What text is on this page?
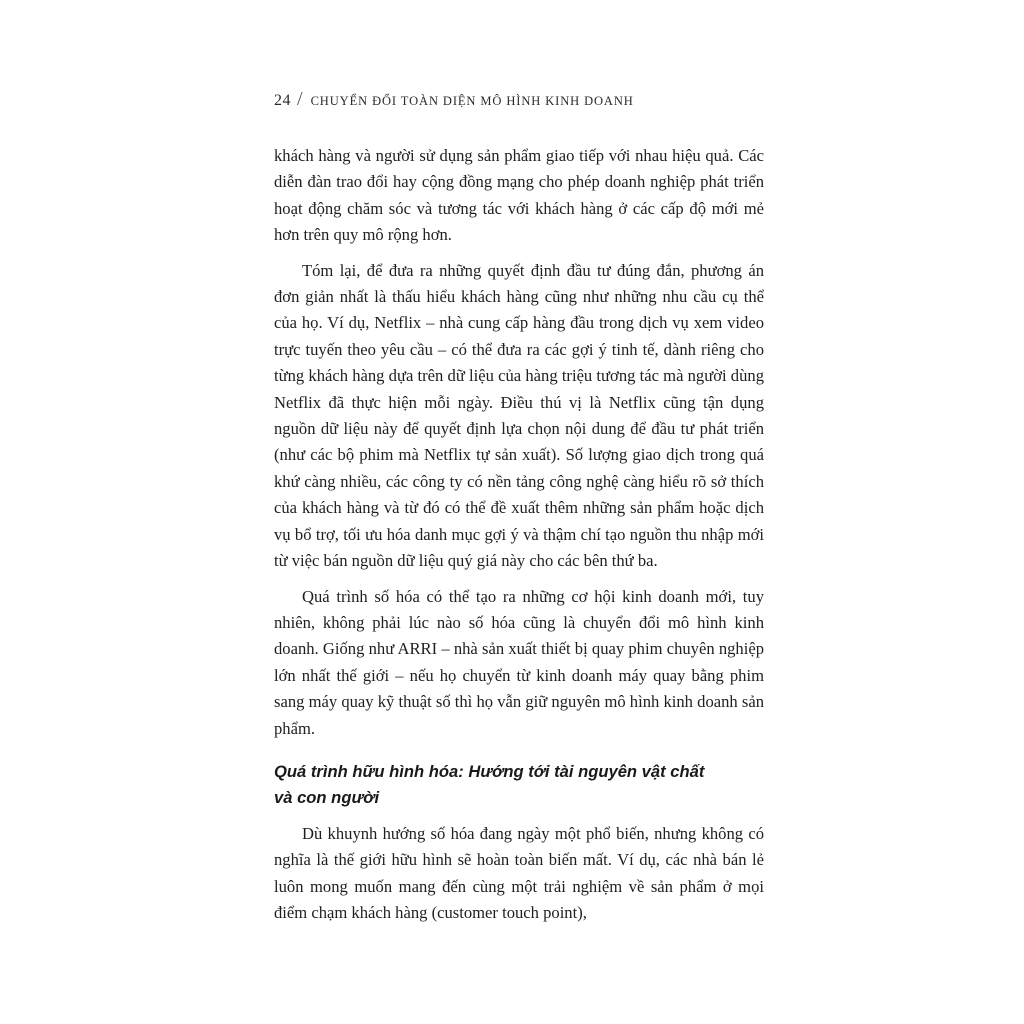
24 / CHUYỂN ĐỔI TOÀN DIỆN MÔ HÌNH KINH DOANH

khách hàng và người sử dụng sản phẩm giao tiếp với nhau hiệu quả. Các diễn đàn trao đổi hay cộng đồng mạng cho phép doanh nghiệp phát triển hoạt động chăm sóc và tương tác với khách hàng ở các cấp độ mới mẻ hơn trên quy mô rộng hơn.

Tóm lại, để đưa ra những quyết định đầu tư đúng đắn, phương án đơn giản nhất là thấu hiểu khách hàng cũng như những nhu cầu cụ thể của họ. Ví dụ, Netflix – nhà cung cấp hàng đầu trong dịch vụ xem video trực tuyến theo yêu cầu – có thể đưa ra các gợi ý tinh tế, dành riêng cho từng khách hàng dựa trên dữ liệu của hàng triệu tương tác mà người dùng Netflix đã thực hiện mỗi ngày. Điều thú vị là Netflix cũng tận dụng nguồn dữ liệu này để quyết định lựa chọn nội dung để đầu tư phát triển (như các bộ phim mà Netflix tự sản xuất). Số lượng giao dịch trong quá khứ càng nhiều, các công ty có nền tảng công nghệ càng hiểu rõ sở thích của khách hàng và từ đó có thể đề xuất thêm những sản phẩm hoặc dịch vụ bổ trợ, tối ưu hóa danh mục gợi ý và thậm chí tạo nguồn thu nhập mới từ việc bán nguồn dữ liệu quý giá này cho các bên thứ ba.

Quá trình số hóa có thể tạo ra những cơ hội kinh doanh mới, tuy nhiên, không phải lúc nào số hóa cũng là chuyển đổi mô hình kinh doanh. Giống như ARRI – nhà sản xuất thiết bị quay phim chuyên nghiệp lớn nhất thế giới – nếu họ chuyển từ kinh doanh máy quay bằng phim sang máy quay kỹ thuật số thì họ vẫn giữ nguyên mô hình kinh doanh sản phẩm.

Quá trình hữu hình hóa: Hướng tới tài nguyên vật chất và con người

Dù khuynh hướng số hóa đang ngày một phổ biến, nhưng không có nghĩa là thế giới hữu hình sẽ hoàn toàn biến mất. Ví dụ, các nhà bán lẻ luôn mong muốn mang đến cùng một trải nghiệm về sản phẩm ở mọi điểm chạm khách hàng (customer touch point),
